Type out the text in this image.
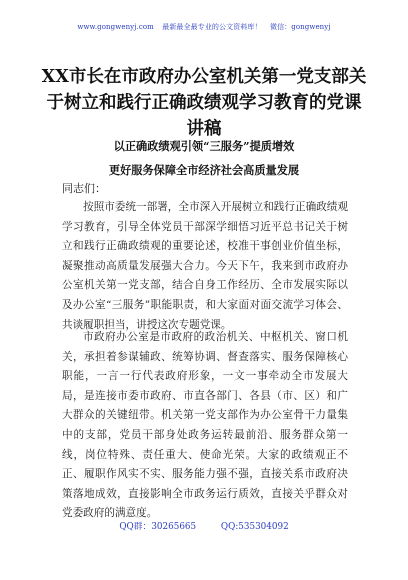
www.gongwenyj.com 最新最全最专业的公文资料库！ 微信：gongwenyj
XX市长在市政府办公室机关第一党支部关于树立和践行正确政绩观学习教育的党课讲稿
以正确政绩观引领“三服务”提质增效
更好服务保障全市经济社会高质量发展
同志们：

按照市委统一部署，全市深入开展树立和践行正确政绩观学习教育，引导全体党员干部深学细悟习近平总书记关于树立和践行正确政绩观的重要论述，校准干事创业价值坐标，凝聚推动高质量发展强大合力。今天下午，我来到市政府办公室机关第一党支部，结合自身工作经历、全市发展实际以及办公室“三服务”职能职责，和大家面对面交流学习体会、共谈履职担当，讲授这次专题党课。

市政府办公室是市政府的政治机关、中枢机关、窗口机关，承担着参谋辅政、统筹协调、督查落实、服务保障核心职能，一言一行代表政府形象，一文一事牵动全市发展大局，是连接市委市政府、市直各部门、各县（市、区）和广大群众的关键纽带。机关第一党支部作为办公室骨干力量集中的支部，党员干部身处政务运转最前沿、服务群众第一线，岗位特殊、责任重大、使命光荣。大家的政绩观正不正、履职作风实不实、服务能力强不强，直接关系市政府决策落地成效，直接影响全市政务运行质效，直接关乎群众对党委政府的满意度。

QQ群：30265665	QQ:535304092
